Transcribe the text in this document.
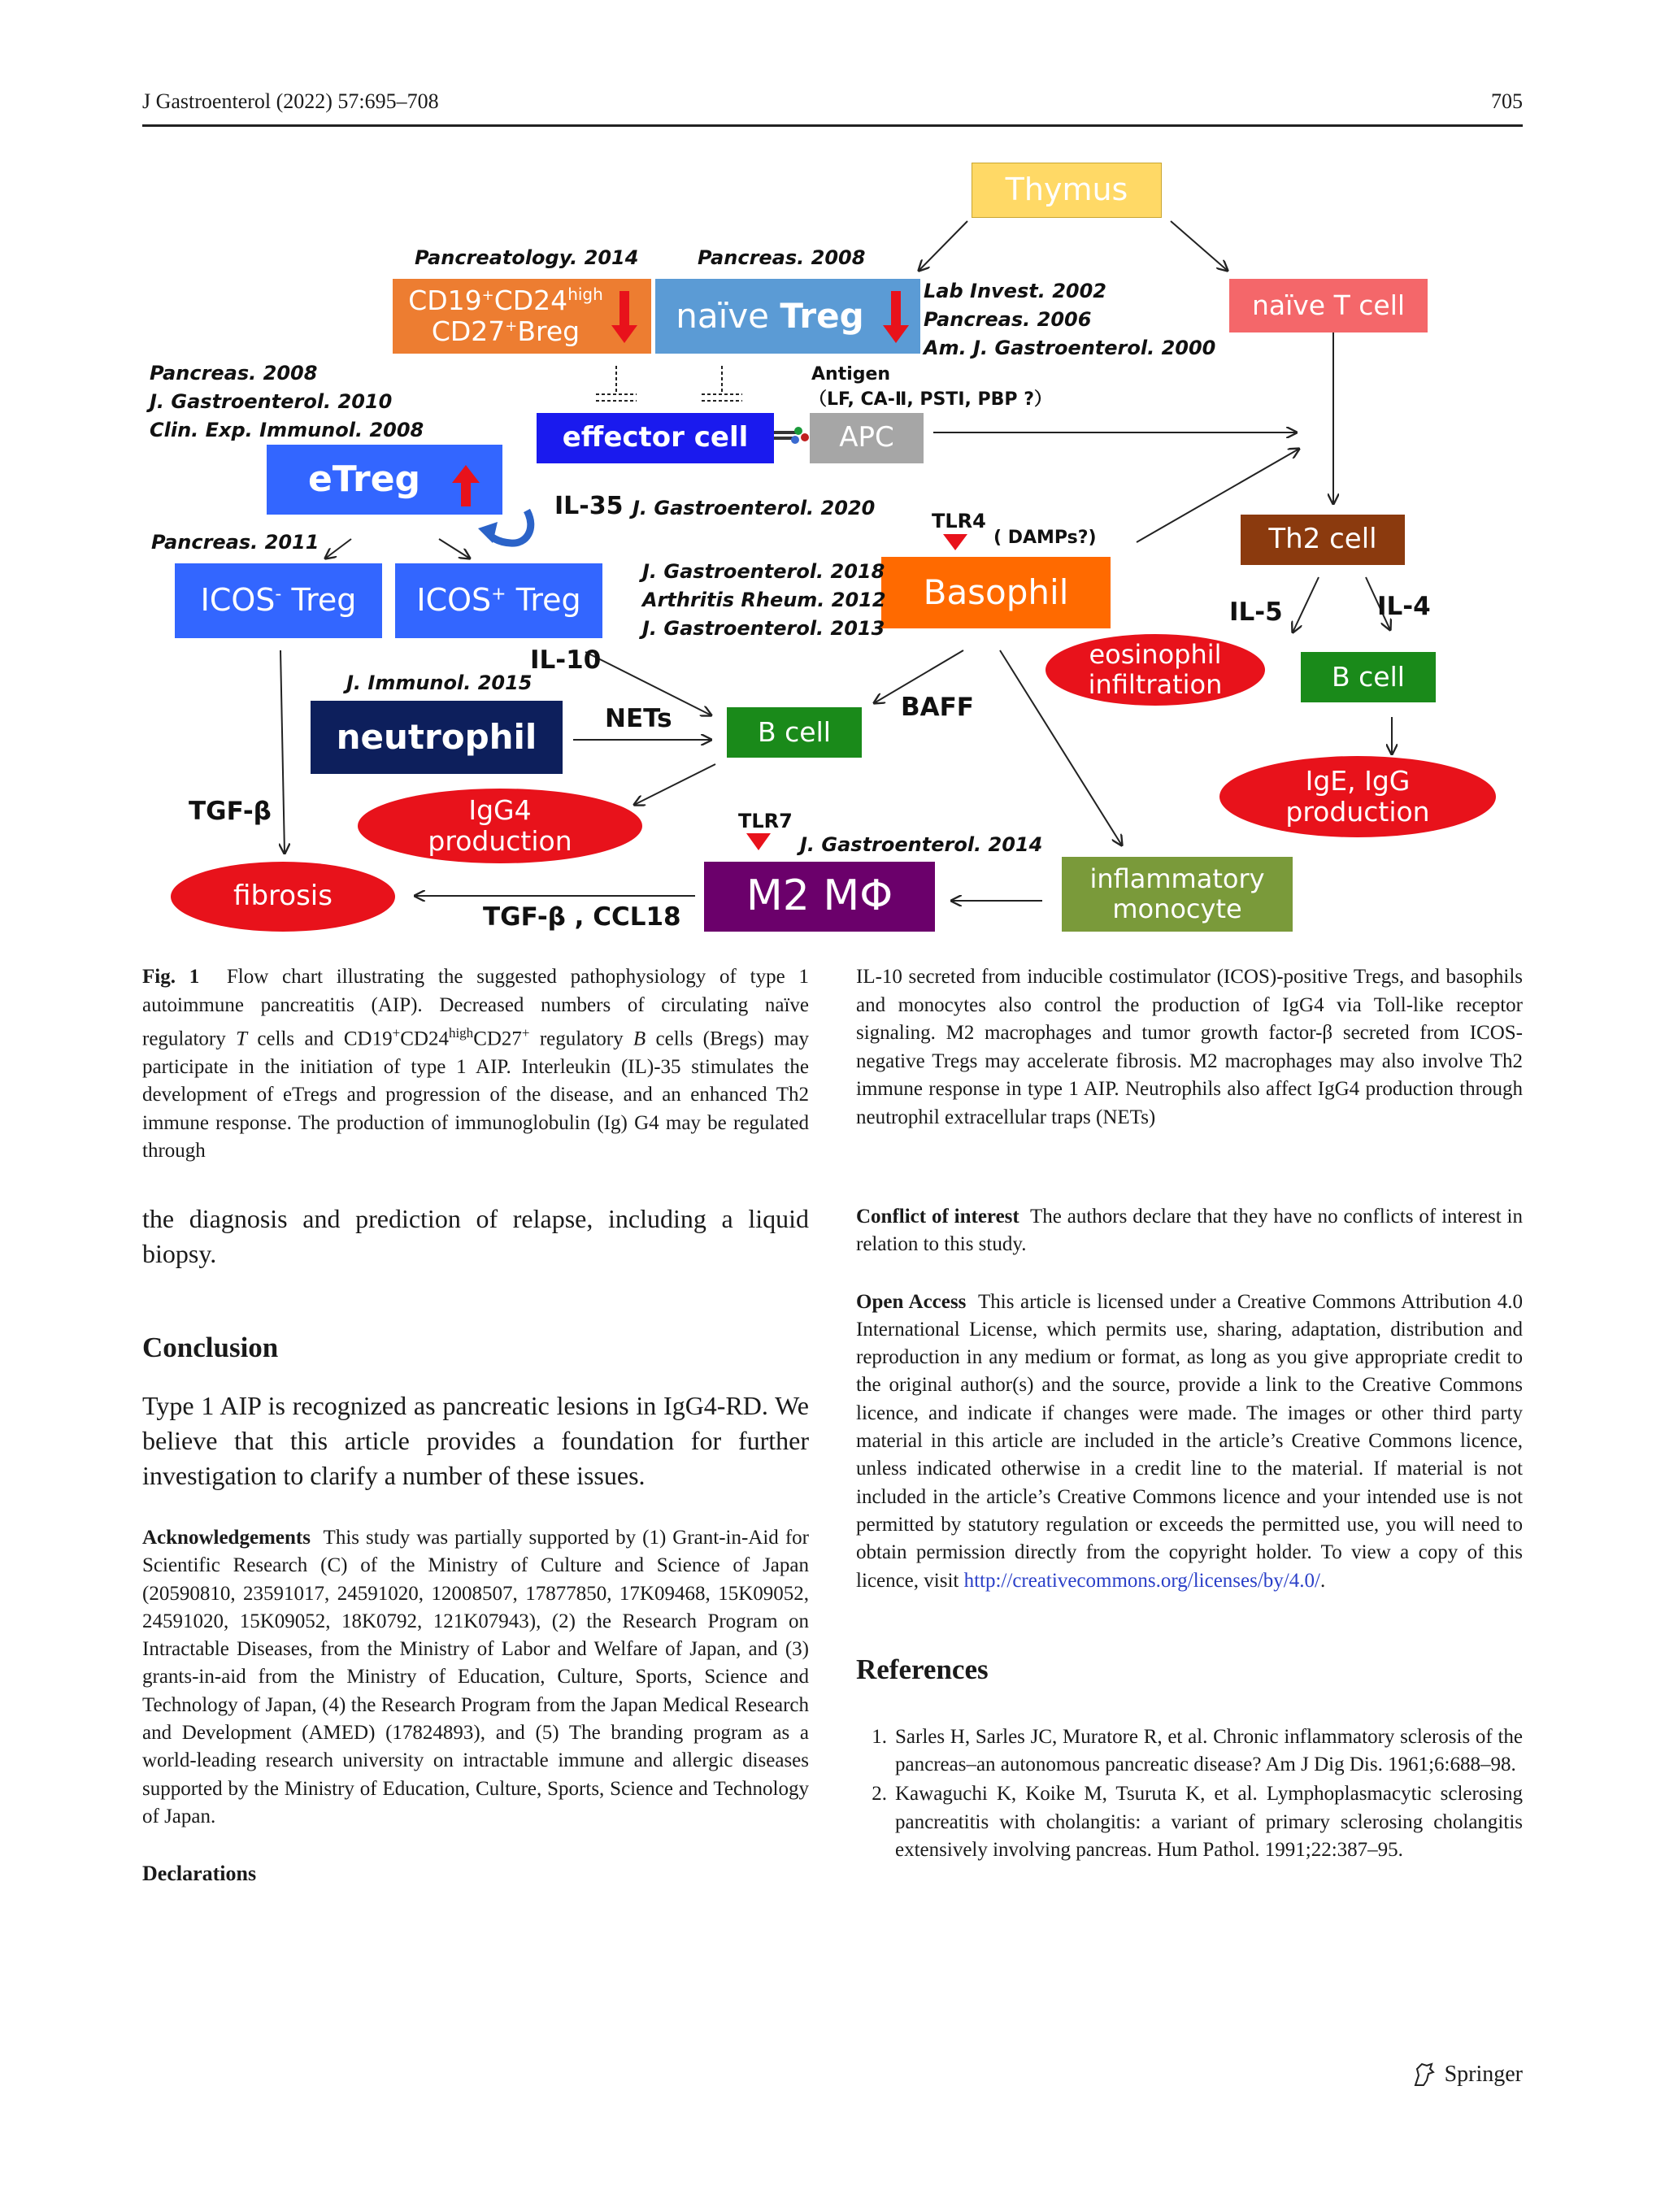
J Gastroenterol (2022) 57:695–708	705
Thymus
$CD19^+CD24^{high}$
CD27+Breg	naïve Treg	naïve T cell
effector cell	APC
eTreg
ICOS- Treg ICOS+ Treg	Basophil
Th2 cell
eosinophil infiltration	B cell
neutrophil	B cell
IgE, IgG production
IgG4 production
fibrosis	M2 MΦ	inflammatory monocyte
Antigen
（LF, CA-Ⅱ, PSTI, PBP ?）
IL-35
TLR4
( DAMPs?)
IL-5	IL-4
IL-10
NETs	BAFF
TGF-β	TLR7
TGF-β , CCL18
Pancreatology. 2014	Pancreas. 2008
Lab Invest. 2002
Pancreas. 2006
Am. J. Gastroenterol. 2000
Pancreas. 2008
J. Gastroenterol. 2010
Clin. Exp. Immunol. 2008
J. Gastroenterol. 2020
Pancreas. 2011
J. Gastroenterol. 2018
Arthritis Rheum. 2012
J. Gastroenterol. 2013
J. Immunol. 2015
J. Gastroenterol. 2014
Fig. 1 Flow chart illustrating the suggested pathophysiology of type 1 autoimmune pancreatitis (AIP). Decreased numbers of circulating naïve regulatory T cells and $CD19^+CD24^{high}CD27^+$ regulatory B cells (Bregs) may participate in the initiation of type 1 AIP. Interleukin (IL)-35 stimulates the development of eTregs and progression of the disease, and an enhanced Th2 immune response. The production of immunoglobulin (Ig) G4 may be regulated through
IL-10 secreted from inducible costimulator (ICOS)-positive Tregs, and basophils and monocytes also control the production of IgG4 via Toll-like receptor signaling. M2 macrophages and tumor growth factor-β secreted from ICOS-negative Tregs may accelerate fibrosis. M2 macrophages may also involve Th2 immune response in type 1 AIP. Neutrophils also affect IgG4 production through neutrophil extracellular traps (NETs)
the diagnosis and prediction of relapse, including a liquid biopsy.
Conclusion
Type 1 AIP is recognized as pancreatic lesions in IgG4-RD. We believe that this article provides a foundation for further investigation to clarify a number of these issues.
Acknowledgements This study was partially supported by (1) Grant-in-Aid for Scientific Research (C) of the Ministry of Culture and Science of Japan (20590810, 23591017, 24591020, 12008507, 17877850, 17K09468, 15K09052, 24591020, 15K09052, 18K0792, 121K07943), (2) the Research Program on Intractable Diseases, from the Ministry of Labor and Welfare of Japan, and (3) grants-in-aid from the Ministry of Education, Culture, Sports, Science and Technology of Japan, (4) the Research Program from the Japan Medical Research and Development (AMED) (17824893), and (5) The branding program as a world-leading research university on intractable immune and allergic diseases supported by the Ministry of Education, Culture, Sports, Science and Technology of Japan.
Declarations
Conflict of interest The authors declare that they have no conflicts of interest in relation to this study.
Open Access This article is licensed under a Creative Commons Attribution 4.0 International License, which permits use, sharing, adaptation, distribution and reproduction in any medium or format, as long as you give appropriate credit to the original author(s) and the source, provide a link to the Creative Commons licence, and indicate if changes were made. The images or other third party material in this article are included in the article’s Creative Commons licence, unless indicated otherwise in a credit line to the material. If material is not included in the article’s Creative Commons licence and your intended use is not permitted by statutory regulation or exceeds the permitted use, you will need to obtain permission directly from the copyright holder. To view a copy of this licence, visit http://creativecommons.org/licenses/by/4.0/.
References
1. Sarles H, Sarles JC, Muratore R, et al. Chronic inflammatory sclerosis of the pancreas–an autonomous pancreatic disease? Am J Dig Dis. 1961;6:688–98.
2. Kawaguchi K, Koike M, Tsuruta K, et al. Lymphoplasmacytic sclerosing pancreatitis with cholangitis: a variant of primary sclerosing cholangitis extensively involving pancreas. Hum Pathol. 1991;22:387–95.
Springer
